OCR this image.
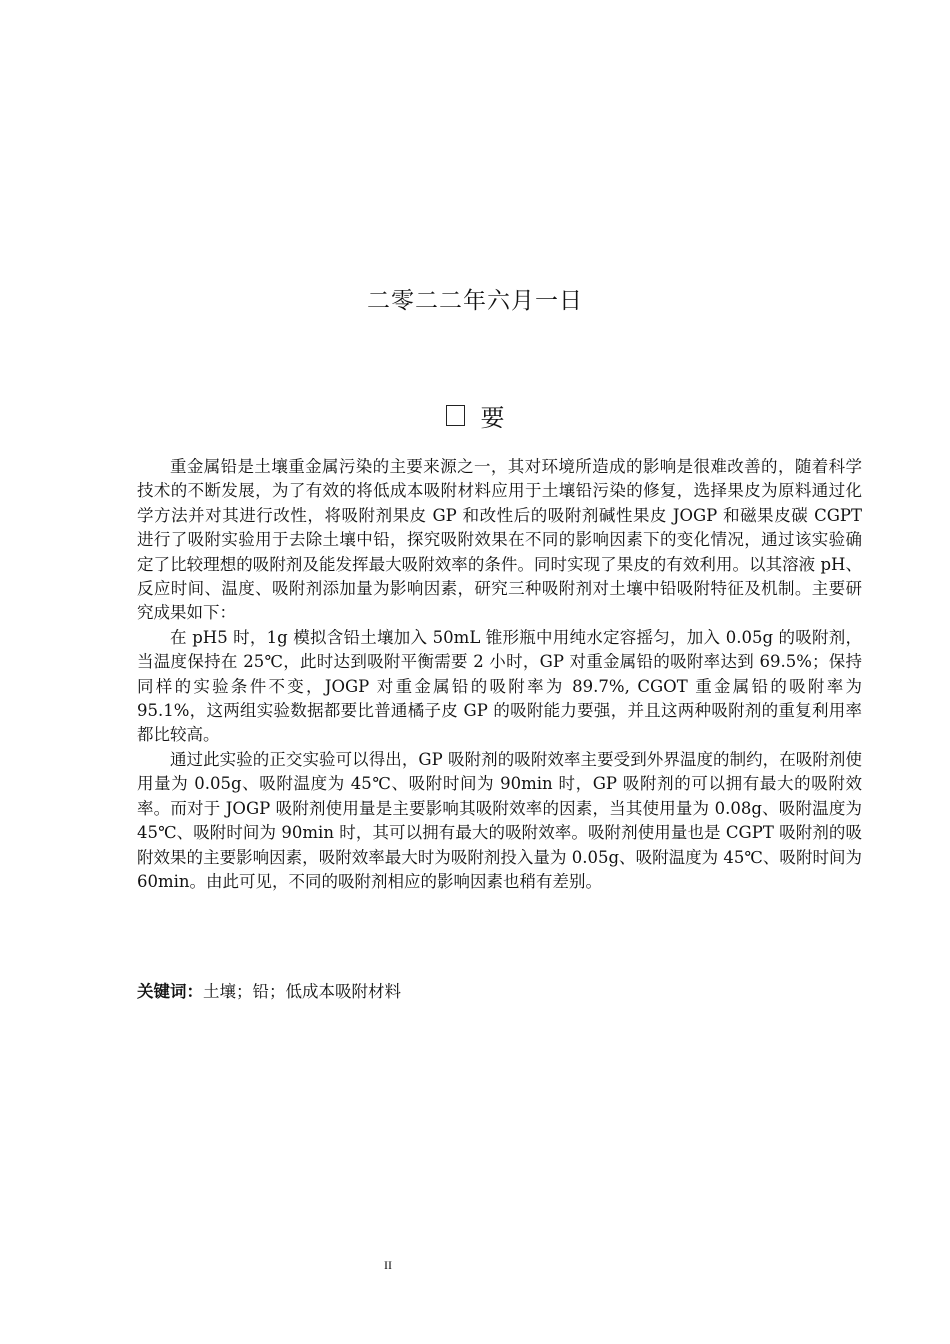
二零二二年六月一日
要

重金属铅是土壤重金属污染的主要来源之一，其对环境所造成的影响是很难改善的，随着科学技术的不断发展，为了有效的将低成本吸附材料应用于土壤铅污染的修复，选择果皮为原料通过化学方法并对其进行改性，将吸附剂果皮 GP 和改性后的吸附剂碱性果皮 JOGP 和磁果皮碳 CGPT 进行了吸附实验用于去除土壤中铅，探究吸附效果在不同的影响因素下的变化情况，通过该实验确定了比较理想的吸附剂及能发挥最大吸附效率的条件。同时实现了果皮的有效利用。以其溶液 pH、反应时间、温度、吸附剂添加量为影响因素，研究三种吸附剂对土壤中铅吸附特征及机制。主要研究成果如下：

在 pH5 时，1g 模拟含铅土壤加入 50mL 锥形瓶中用纯水定容摇匀，加入 0.05g 的吸附剂，当温度保持在 25℃，此时达到吸附平衡需要 2 小时，GP 对重金属铅的吸附率达到 69.5%；保持同样的实验条件不变，JOGP 对重金属铅的吸附率为 89.7%, CGOT 重金属铅的吸附率为 95.1%，这两组实验数据都要比普通橘子皮 GP 的吸附能力要强，并且这两种吸附剂的重复利用率都比较高。

通过此实验的正交实验可以得出，GP 吸附剂的吸附效率主要受到外界温度的制约，在吸附剂使用量为 0.05g、吸附温度为 45℃、吸附时间为 90min 时，GP 吸附剂的可以拥有最大的吸附效率。而对于 JOGP 吸附剂使用量是主要影响其吸附效率的因素，当其使用量为 0.08g、吸附温度为 45℃、吸附时间为 90min 时，其可以拥有最大的吸附效率。吸附剂使用量也是 CGPT 吸附剂的吸附效果的主要影响因素，吸附效率最大时为吸附剂投入量为 0.05g、吸附温度为 45℃、吸附时间为 60min。由此可见，不同的吸附剂相应的影响因素也稍有差别。

关键词：土壤；铅；低成本吸附材料
II
